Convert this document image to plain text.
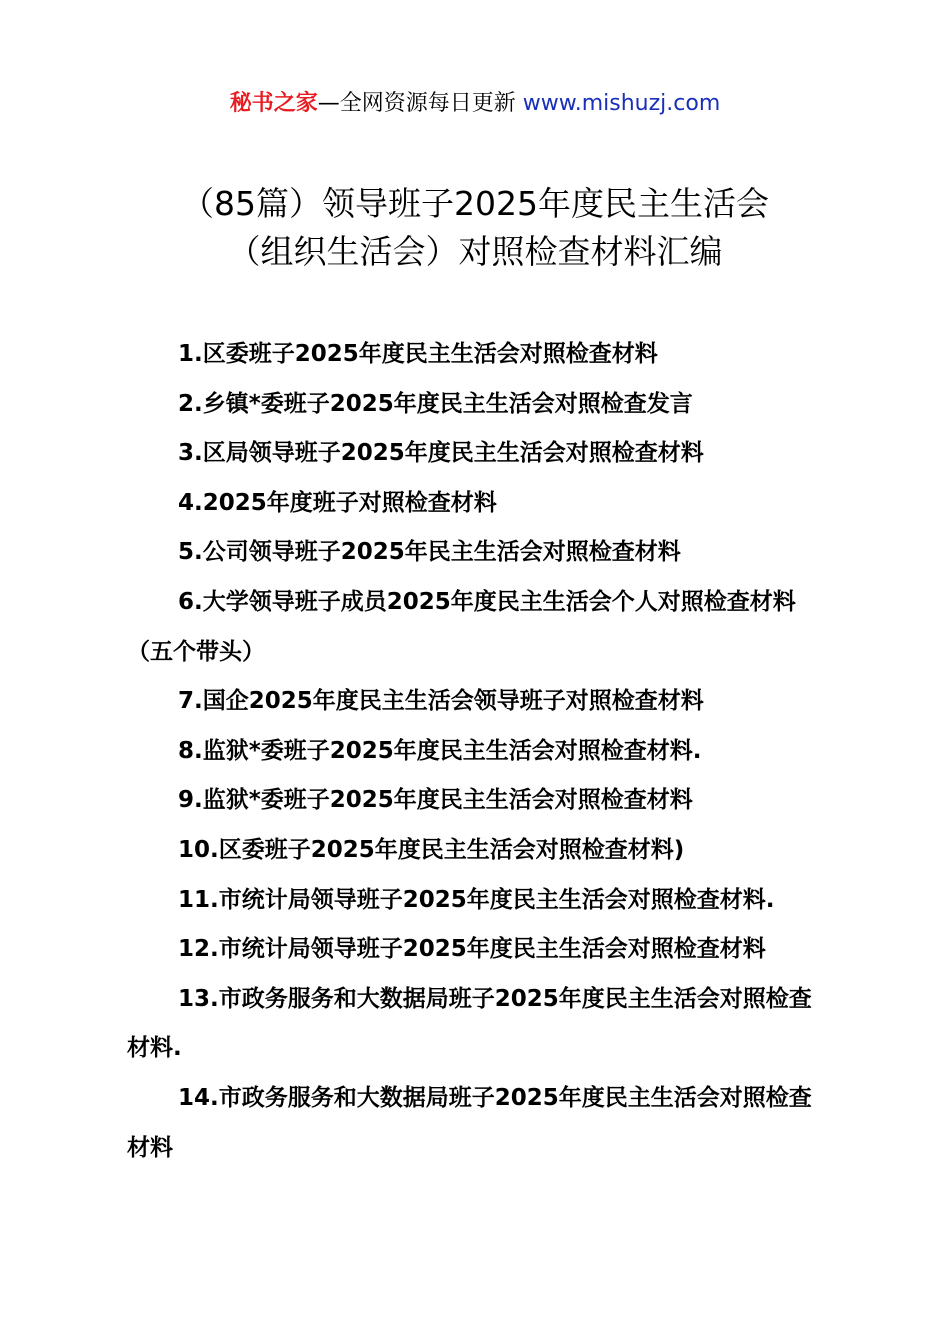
秘书之家—全网资源每日更新 www.mishuzj.com
（85篇）领导班子2025年度民主生活会
（组织生活会）对照检查材料汇编

1.区委班子2025年度民主生活会对照检查材料

2.乡镇*委班子2025年度民主生活会对照检查发言

3.区局领导班子2025年度民主生活会对照检查材料

4.2025年度班子对照检查材料

5.公司领导班子2025年民主生活会对照检查材料

6.大学领导班子成员2025年度民主生活会个人对照检查材料（五个带头）

7.国企2025年度民主生活会领导班子对照检查材料

8.监狱*委班子2025年度民主生活会对照检查材料.

9.监狱*委班子2025年度民主生活会对照检查材料

10.区委班子2025年度民主生活会对照检查材料)

11.市统计局领导班子2025年度民主生活会对照检查材料.

12.市统计局领导班子2025年度民主生活会对照检查材料

13.市政务服务和大数据局班子2025年度民主生活会对照检查材料.

14.市政务服务和大数据局班子2025年度民主生活会对照检查材料
